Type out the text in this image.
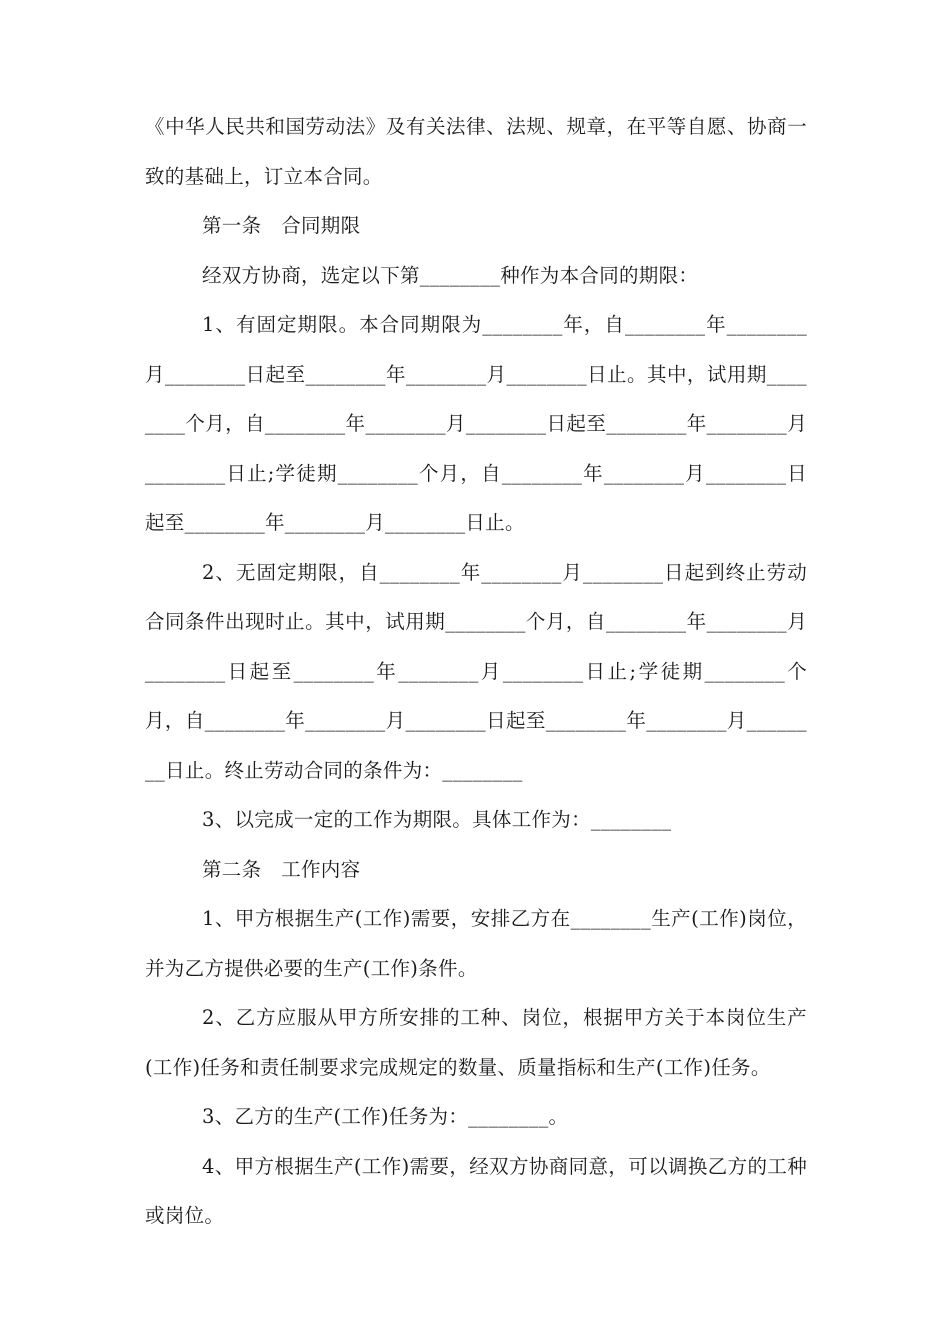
《中华人民共和国劳动法》及有关法律、法规、规章，在平等自愿、协商一致的基础上，订立本合同。

第一条　合同期限

经双方协商，选定以下第________种作为本合同的期限：

1、有固定期限。本合同期限为________年，自________年________月________日起至________年________月________日止。其中，试用期________个月，自________年________月________日起至________年________月________日止;学徒期________个月，自________年________月________日起至________年________月________日止。

2、无固定期限，自________年________月________日起到终止劳动合同条件出现时止。其中，试用期________个月，自________年________月________日起至________年________月________日止;学徒期________个月，自________年________月________日起至________年________月________日止。终止劳动合同的条件为：________

3、以完成一定的工作为期限。具体工作为：________

第二条　工作内容

1、甲方根据生产(工作)需要，安排乙方在________生产(工作)岗位，并为乙方提供必要的生产(工作)条件。

2、乙方应服从甲方所安排的工种、岗位，根据甲方关于本岗位生产(工作)任务和责任制要求完成规定的数量、质量指标和生产(工作)任务。

3、乙方的生产(工作)任务为：________。

4、甲方根据生产(工作)需要，经双方协商同意，可以调换乙方的工种或岗位。
